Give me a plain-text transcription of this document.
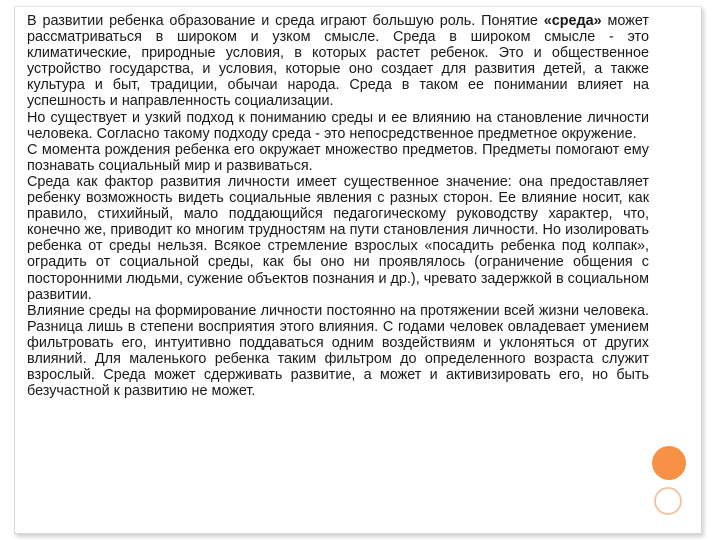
В развитии ребенка образование и среда играют большую роль. Понятие «среда» может рассматриваться в широком и узком смысле. Среда в широком смысле - это климатические, природные условия, в которых растет ребенок. Это и общественное устройство государства, и условия, которые оно создает для развития детей, а также культура и быт, традиции, обычаи народа. Среда в таком ее понимании влияет на успешность и направленность социализации.

Но существует и узкий подход к пониманию среды и ее влиянию на становление личности человека. Согласно такому подходу среда - это непосредственное предметное окружение.

С момента рождения ребенка его окружает множество предметов. Предметы помогают ему познавать социальный мир и развиваться.

Среда как фактор развития личности имеет существенное значение: она предоставляет ребенку возможность видеть социальные явления с разных сторон. Ее влияние носит, как правило, стихийный, мало поддающийся педагогическому руководству характер, что, конечно же, приводит ко многим трудностям на пути становления личности. Но изолировать ребенка от среды нельзя. Всякое стремление взрослых «посадить ребенка под колпак», оградить от социальной среды, как бы оно ни проявлялось (ограничение общения с посторонними людьми, сужение объектов познания и др.), чревато задержкой в социальном развитии.

Влияние среды на формирование личности постоянно на протяжении всей жизни человека. Разница лишь в степени восприятия этого влияния. С годами человек овладевает умением фильтровать его, интуитивно поддаваться одним воздействиям и уклоняться от других влияний. Для маленького ребенка таким фильтром до определенного возраста служит взрослый. Среда может сдерживать развитие, а может и активизировать его, но быть безучастной к развитию не может.
